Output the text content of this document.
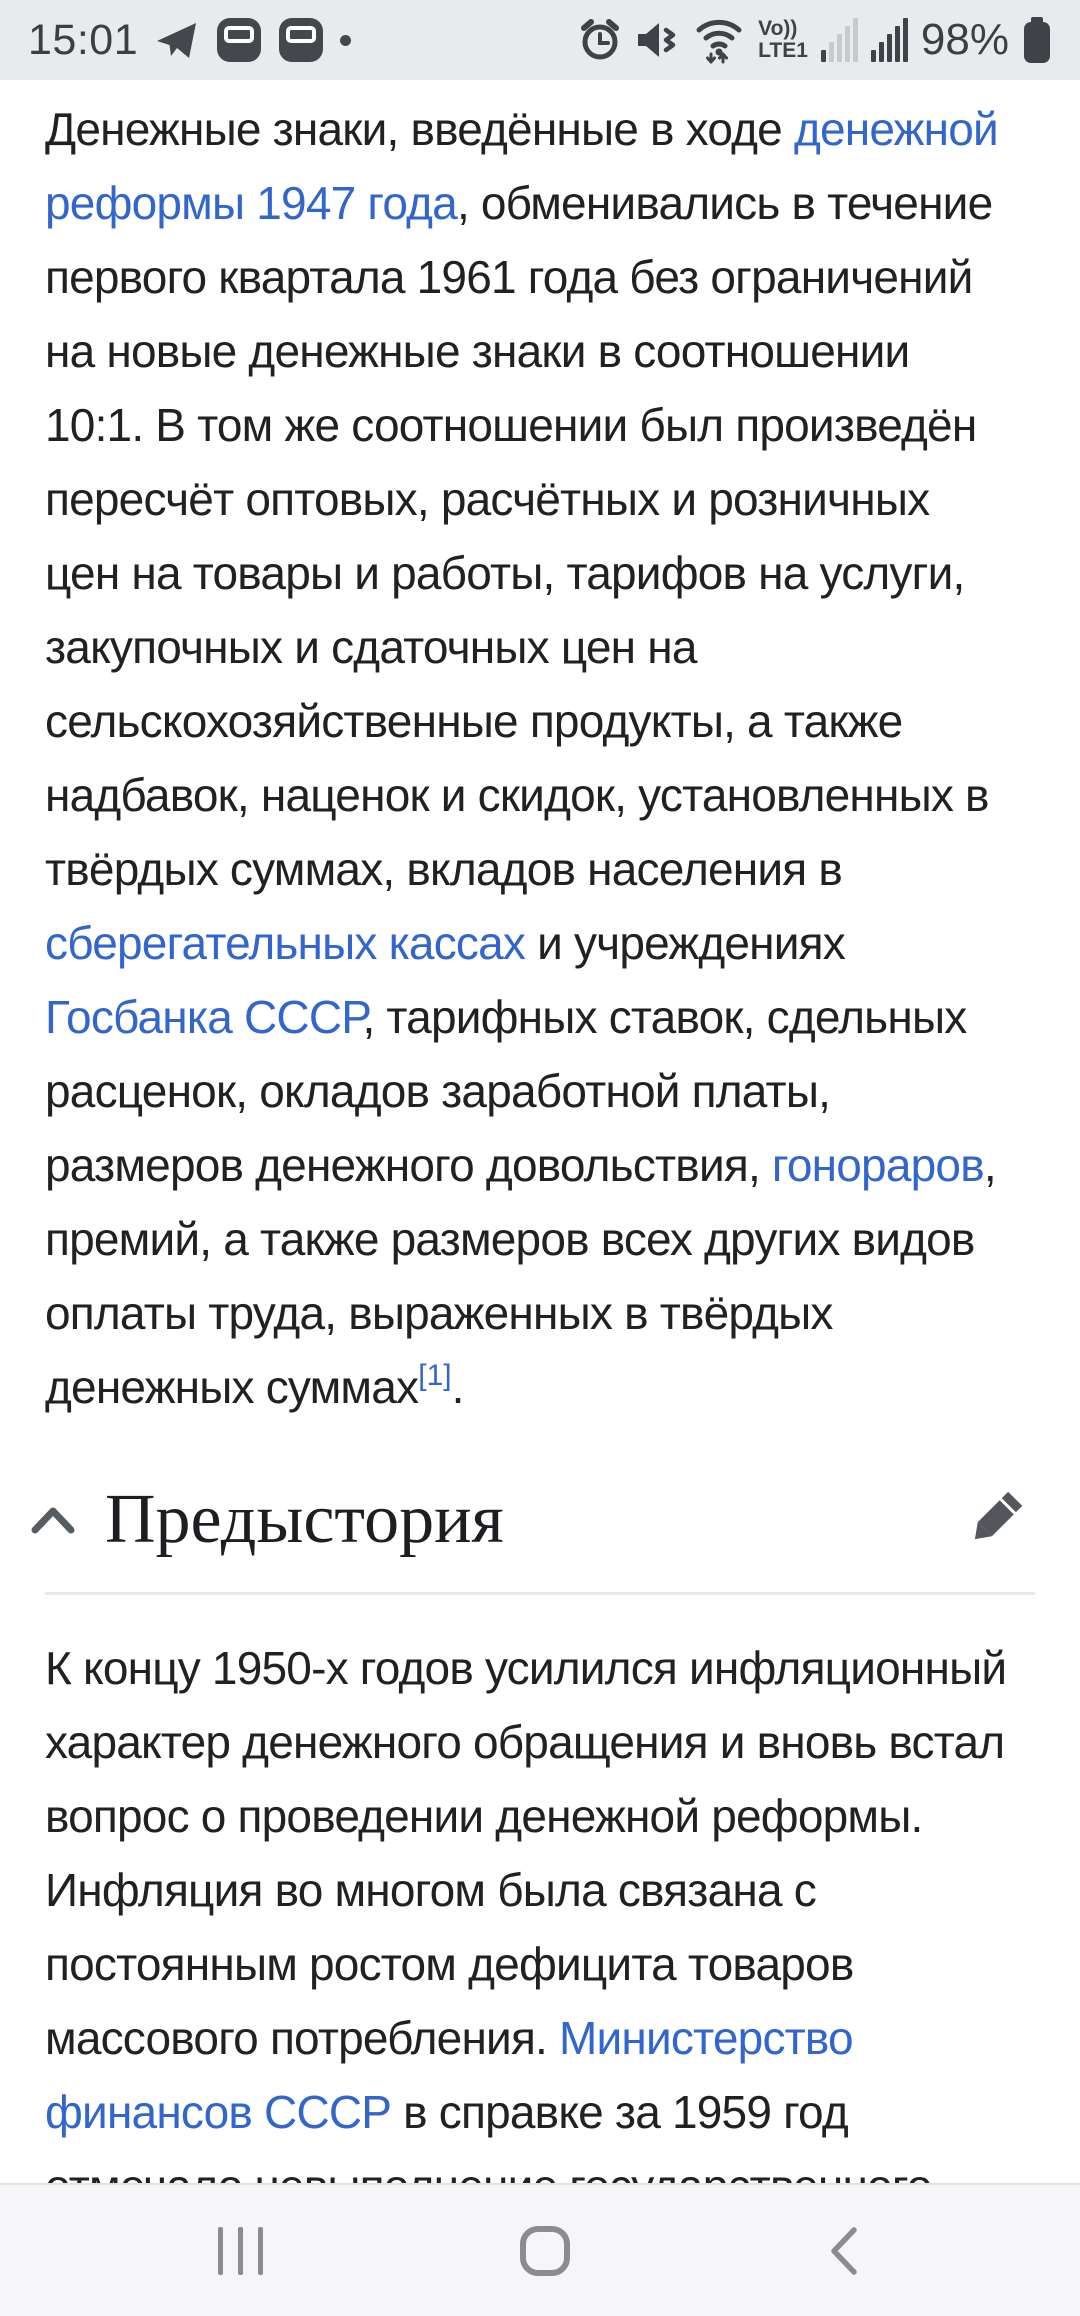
15:01	Vo))
LTE1	98%
Денежные знаки, введённые в ходе денежной
реформы 1947 года, обменивались в течение
первого квартала 1961 года без ограничений
на новые денежные знаки в соотношении
10:1. В том же соотношении был произведён
пересчёт оптовых, расчётных и розничных
цен на товары и работы, тарифов на услуги,
закупочных и сдаточных цен на
сельскохозяйственные продукты, а также
надбавок, наценок и скидок, установленных в
твёрдых суммах, вкладов населения в
сберегательных кассах и учреждениях
Госбанка СССР, тарифных ставок, сдельных
расценок, окладов заработной платы,
размеров денежного довольствия, гонораров,
премий, а также размеров всех других видов
оплаты труда, выраженных в твёрдых
денежных суммах[1].
Предыстория
К концу 1950-х годов усилился инфляционный
характер денежного обращения и вновь встал
вопрос о проведении денежной реформы.
Инфляция во многом была связана с
постоянным ростом дефицита товаров
массового потребления. Министерство
финансов СССР в справке за 1959 год
